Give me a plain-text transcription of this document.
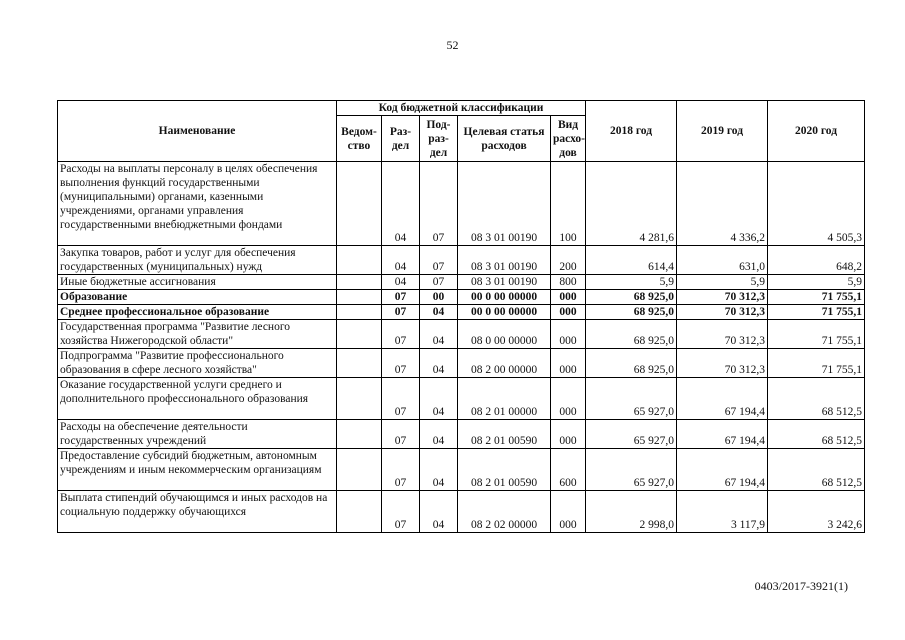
52
Наименование	Код бюджетной классификации					2018 год	2019 год	2020 год
	Ведом-ство	Раз-дел	Под-раз-дел	Целевая статья расходов	Вид расхо-дов			
Расходы на выплаты персоналу в целях обеспечения выполнения функций государственными (муниципальными) органами, казенными учреждениями, органами управления государственными внебюджетными фондами		04	07	08 3 01 00190	100	4 281,6	4 336,2	4 505,3
Закупка товаров, работ и услуг для обеспечения государственных (муниципальных) нужд		04	07	08 3 01 00190	200	614,4	631,0	648,2
Иные бюджетные ассигнования		04	07	08 3 01 00190	800	5,9	5,9	5,9
Образование		07	00	00 0 00 00000	000	68 925,0	70 312,3	71 755,1
Среднее профессиональное образование		07	04	00 0 00 00000	000	68 925,0	70 312,3	71 755,1
Государственная программа "Развитие лесного хозяйства Нижегородской области"		07	04	08 0 00 00000	000	68 925,0	70 312,3	71 755,1
Подпрограмма "Развитие профессионального образования в сфере лесного хозяйства"		07	04	08 2 00 00000	000	68 925,0	70 312,3	71 755,1
Оказание государственной услуги среднего и дополнительного профессионального образования		07	04	08 2 01 00000	000	65 927,0	67 194,4	68 512,5
Расходы на обеспечение деятельности государственных учреждений		07	04	08 2 01 00590	000	65 927,0	67 194,4	68 512,5
Предоставление субсидий бюджетным, автономным учреждениям и иным некоммерческим организациям		07	04	08 2 01 00590	600	65 927,0	67 194,4	68 512,5
Выплата стипендий обучающимся и иных расходов на социальную поддержку обучающихся		07	04	08 2 02 00000	000	2 998,0	3 117,9	3 242,6
0403/2017-3921(1)
